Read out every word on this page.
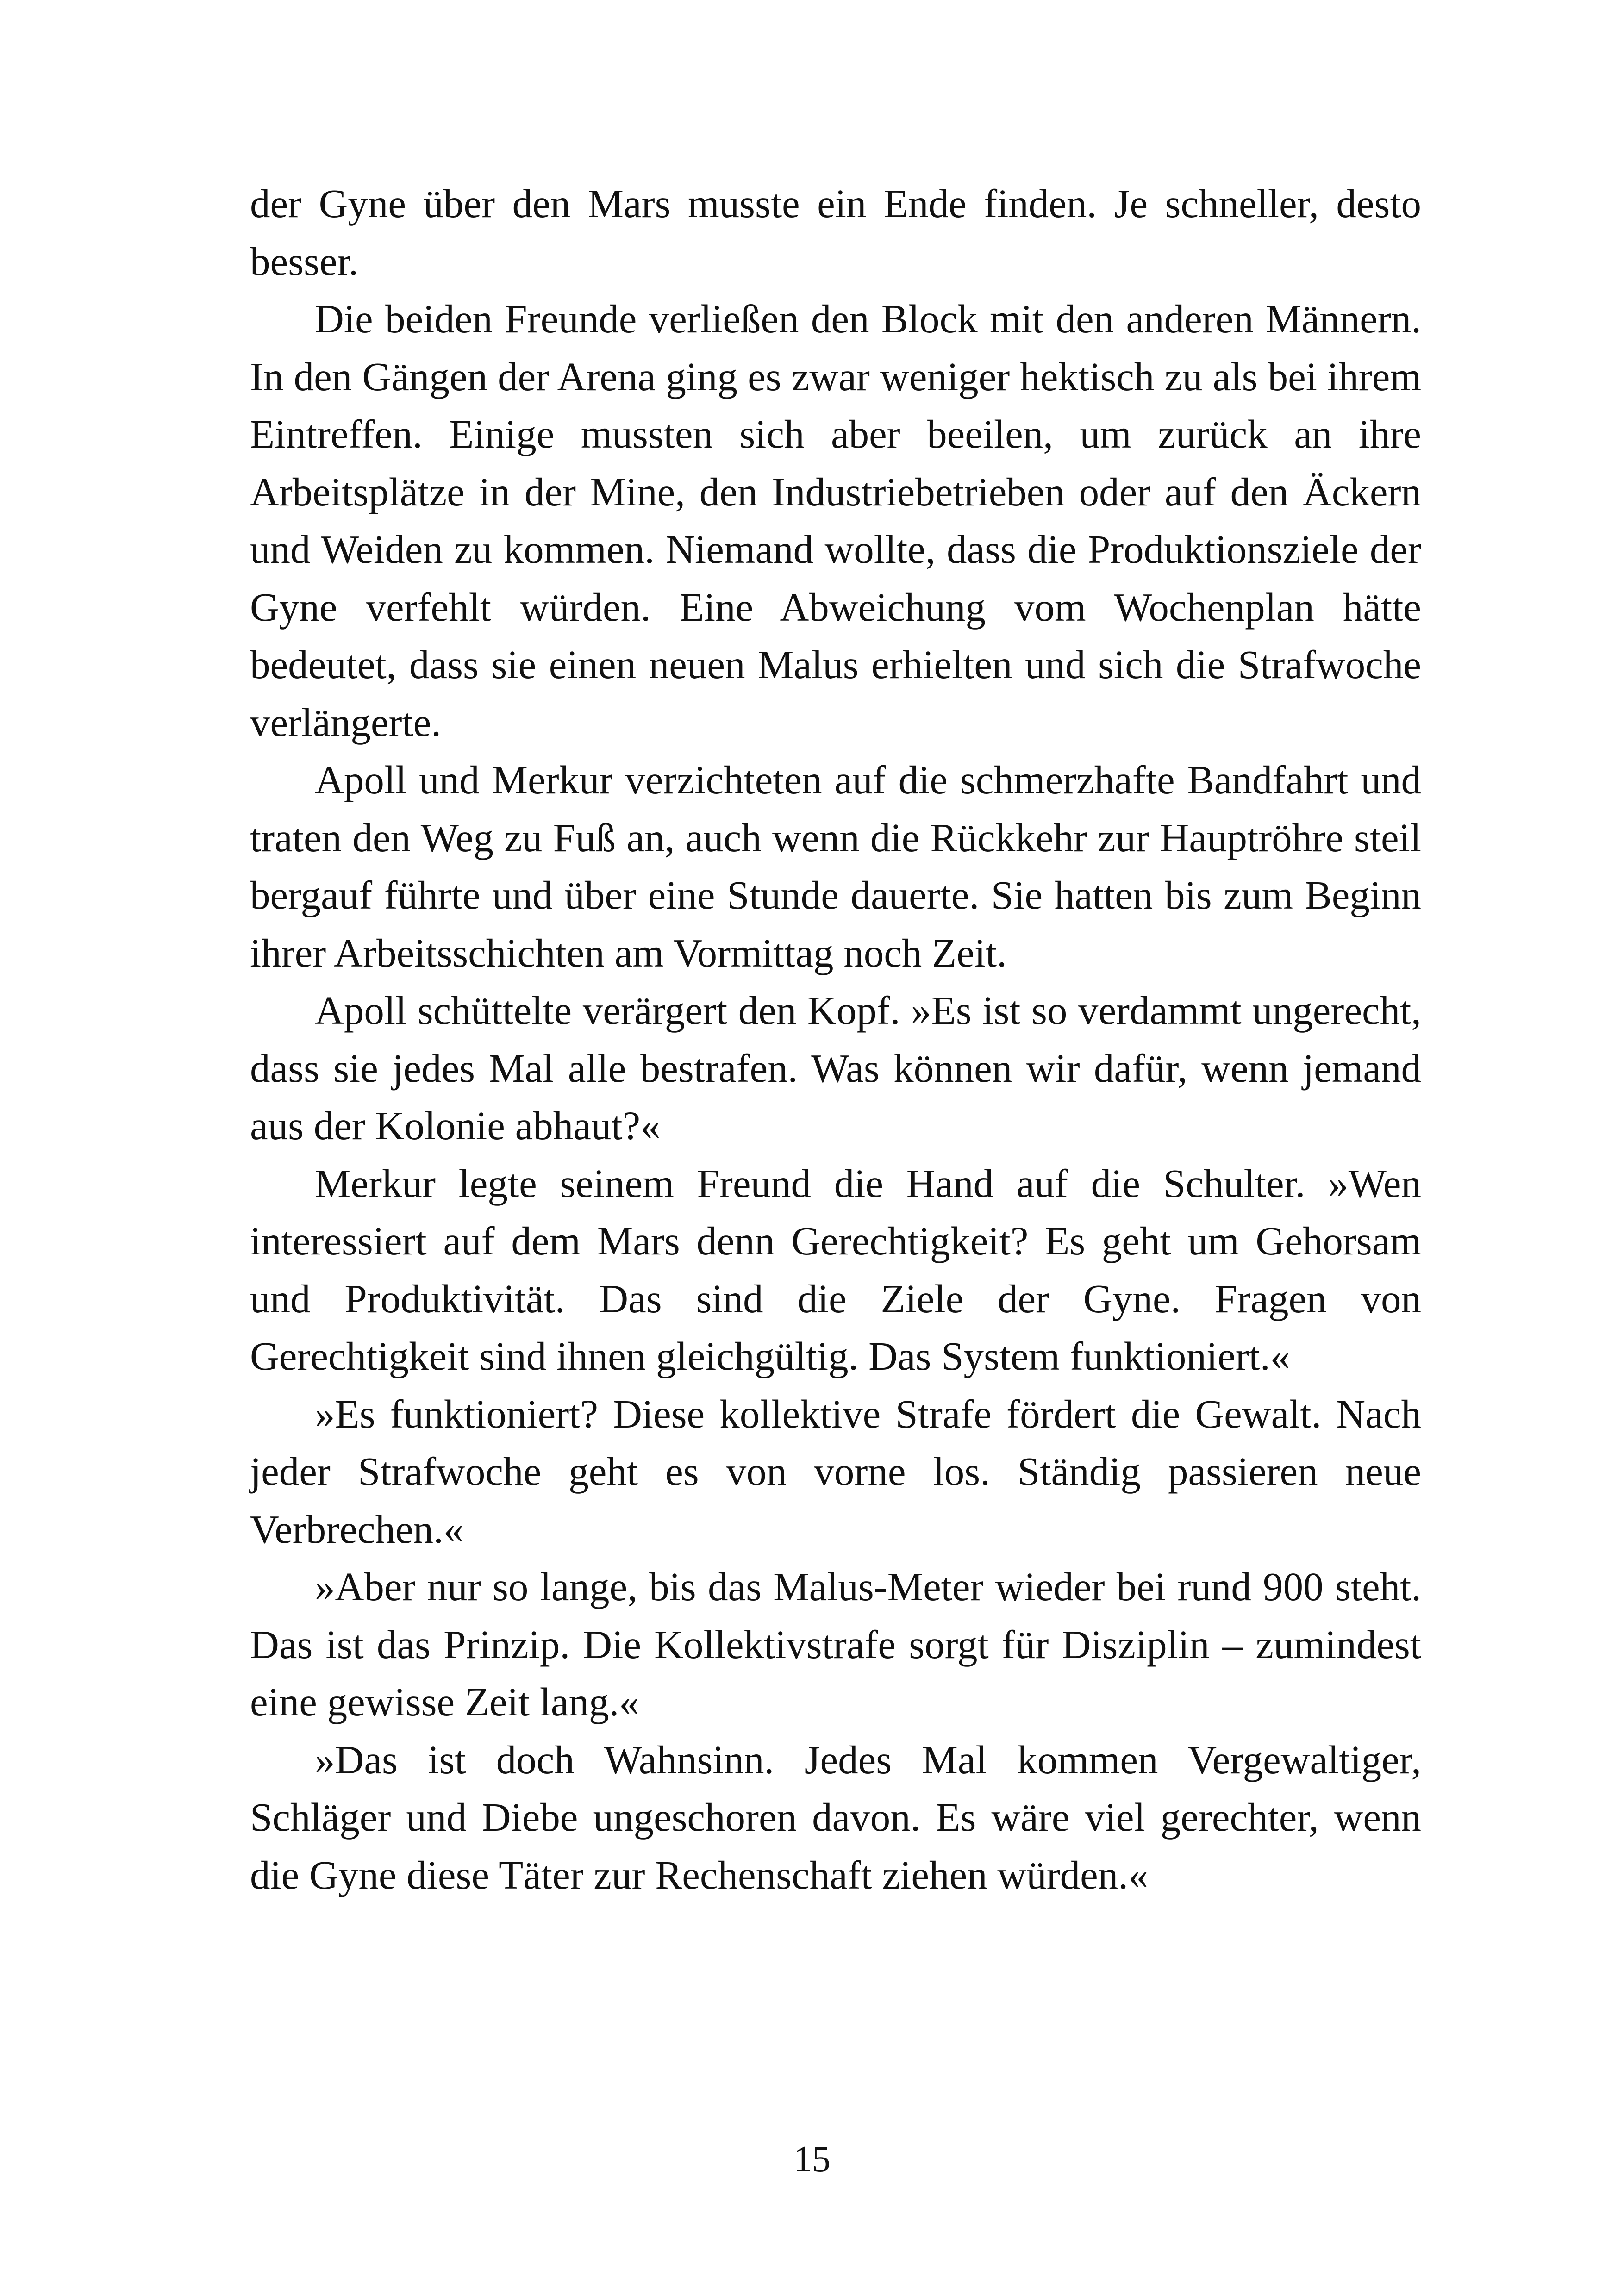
der Gyne über den Mars musste ein Ende finden. Je schneller, desto besser.

Die beiden Freunde verließen den Block mit den anderen Männern. In den Gängen der Arena ging es zwar weniger hektisch zu als bei ihrem Eintreffen. Einige mussten sich aber beeilen, um zurück an ihre Arbeitsplätze in der Mine, den Industriebetrieben oder auf den Äckern und Weiden zu kommen. Niemand wollte, dass die Produktionsziele der Gyne verfehlt würden. Eine Abweichung vom Wochenplan hätte bedeutet, dass sie einen neuen Malus erhielten und sich die Strafwoche verlängerte.

Apoll und Merkur verzichteten auf die schmerzhafte Bandfahrt und traten den Weg zu Fuß an, auch wenn die Rückkehr zur Hauptröhre steil bergauf führte und über eine Stunde dauerte. Sie hatten bis zum Beginn ihrer Arbeitsschichten am Vormittag noch Zeit.

Apoll schüttelte verärgert den Kopf. »Es ist so verdammt ungerecht, dass sie jedes Mal alle bestrafen. Was können wir dafür, wenn jemand aus der Kolonie abhaut?«

Merkur legte seinem Freund die Hand auf die Schulter. »Wen interessiert auf dem Mars denn Gerechtigkeit? Es geht um Gehorsam und Produktivität. Das sind die Ziele der Gyne. Fragen von Gerechtigkeit sind ihnen gleichgültig. Das System funktioniert.«

»Es funktioniert? Diese kollektive Strafe fördert die Gewalt. Nach jeder Strafwoche geht es von vorne los. Ständig passieren neue Verbrechen.«

»Aber nur so lange, bis das Malus-Meter wieder bei rund 900 steht. Das ist das Prinzip. Die Kollektivstrafe sorgt für Disziplin – zumindest eine gewisse Zeit lang.«

»Das ist doch Wahnsinn. Jedes Mal kommen Vergewaltiger, Schläger und Diebe ungeschoren davon. Es wäre viel gerechter, wenn die Gyne diese Täter zur Rechenschaft ziehen würden.«

15
